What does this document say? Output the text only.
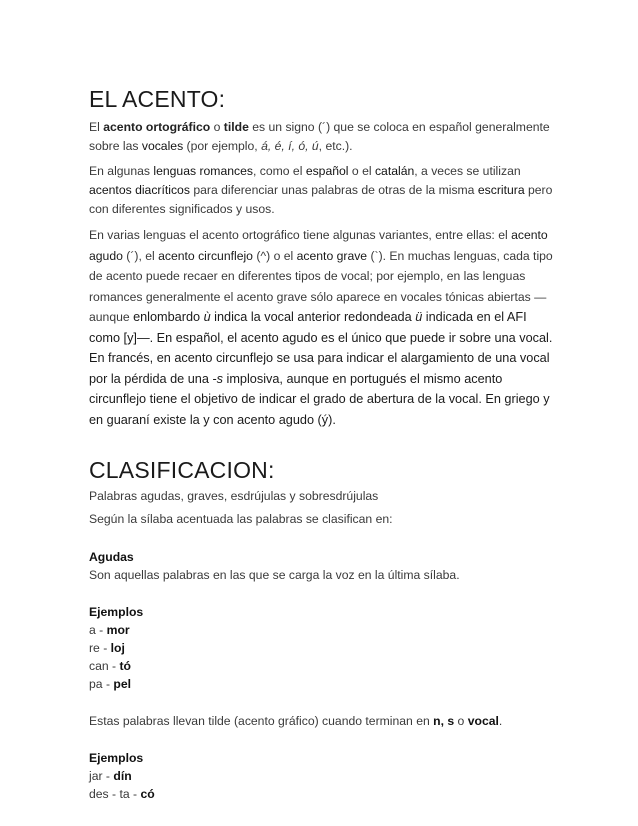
EL ACENTO:

El acento ortográfico o tilde es un signo (´) que se coloca en español generalmente sobre las vocales (por ejemplo, á, é, í, ó, ú, etc.).

En algunas lenguas romances, como el español o el catalán, a veces se utilizan acentos diacríticos para diferenciar unas palabras de otras de la misma escritura pero con diferentes significados y usos.

En varias lenguas el acento ortográfico tiene algunas variantes, entre ellas: el acento agudo (´), el acento circunflejo (^) o el acento grave (`). En muchas lenguas, cada tipo de acento puede recaer en diferentes tipos de vocal; por ejemplo, en las lenguas romances generalmente el acento grave sólo aparece en vocales tónicas abiertas —aunque enlombardo ù indica la vocal anterior redondeada ü indicada en el AFI como [y]—. En español, el acento agudo es el único que puede ir sobre una vocal. En francés, en acento circunflejo se usa para indicar el alargamiento de una vocal por la pérdida de una -s implosiva, aunque en portugués el mismo acento circunflejo tiene el objetivo de indicar el grado de abertura de la vocal. En griego y en guaraní existe la y con acento agudo (ý).

CLASIFICACION:

Palabras agudas, graves, esdrújulas y sobresdrújulas

Según la sílaba acentuada las palabras se clasifican en:

Agudas

Son aquellas palabras en las que se carga la voz en la última sílaba.

Ejemplos

a - mor

re - loj

can - tó

pa - pel

Estas palabras llevan tilde (acento gráfico) cuando terminan en n, s o vocal.

Ejemplos

jar - dín

des - ta - có
